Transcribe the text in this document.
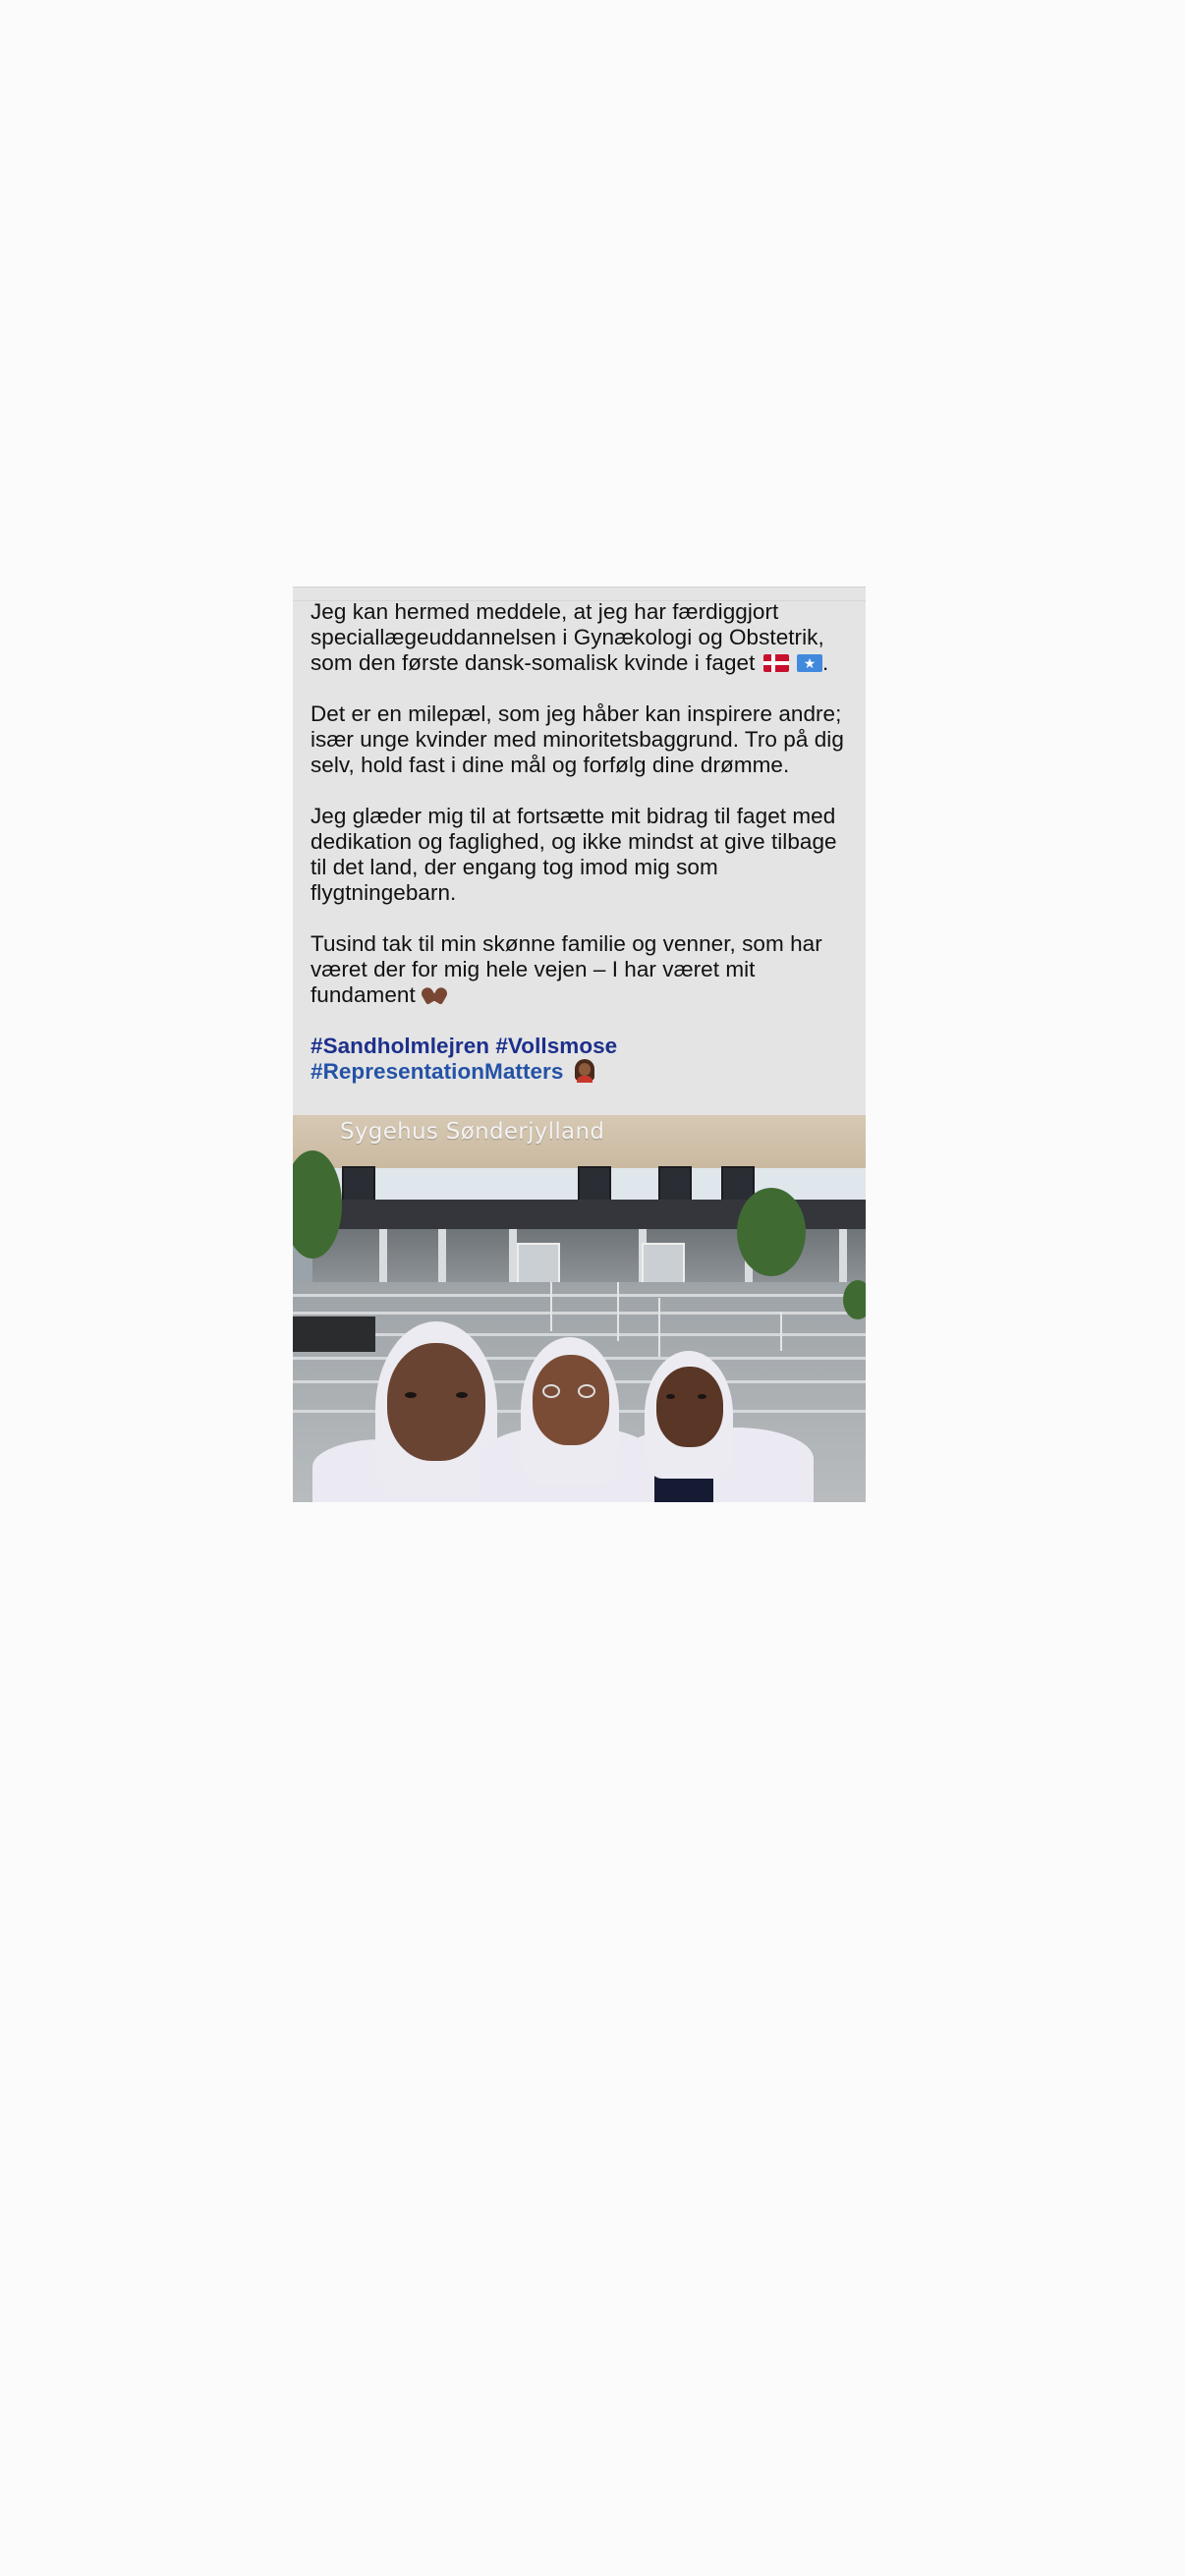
Jeg kan hermed meddele, at jeg har færdiggjort speciallægeuddannelsen i Gynækologi og Obstetrik, som den første dansk-somalisk kvinde i faget  ★	.

Det er en milepæl, som jeg håber kan inspirere andre; især unge kvinder med minoritetsbaggrund. Tro på dig selv, hold fast i dine mål og forfølg dine drømme.

Jeg glæder mig til at fortsætte mit bidrag til faget med dedikation og faglighed, og ikke mindst at give tilbage til det land, der engang tog imod mig som flygtningebarn.

Tusind tak til min skønne familie og venner, som har været der for mig hele vejen – I har været mit fundament

#Sandholmlejren #Vollsmose
#RepresentationMatters

Sygehus Sønderjylland
